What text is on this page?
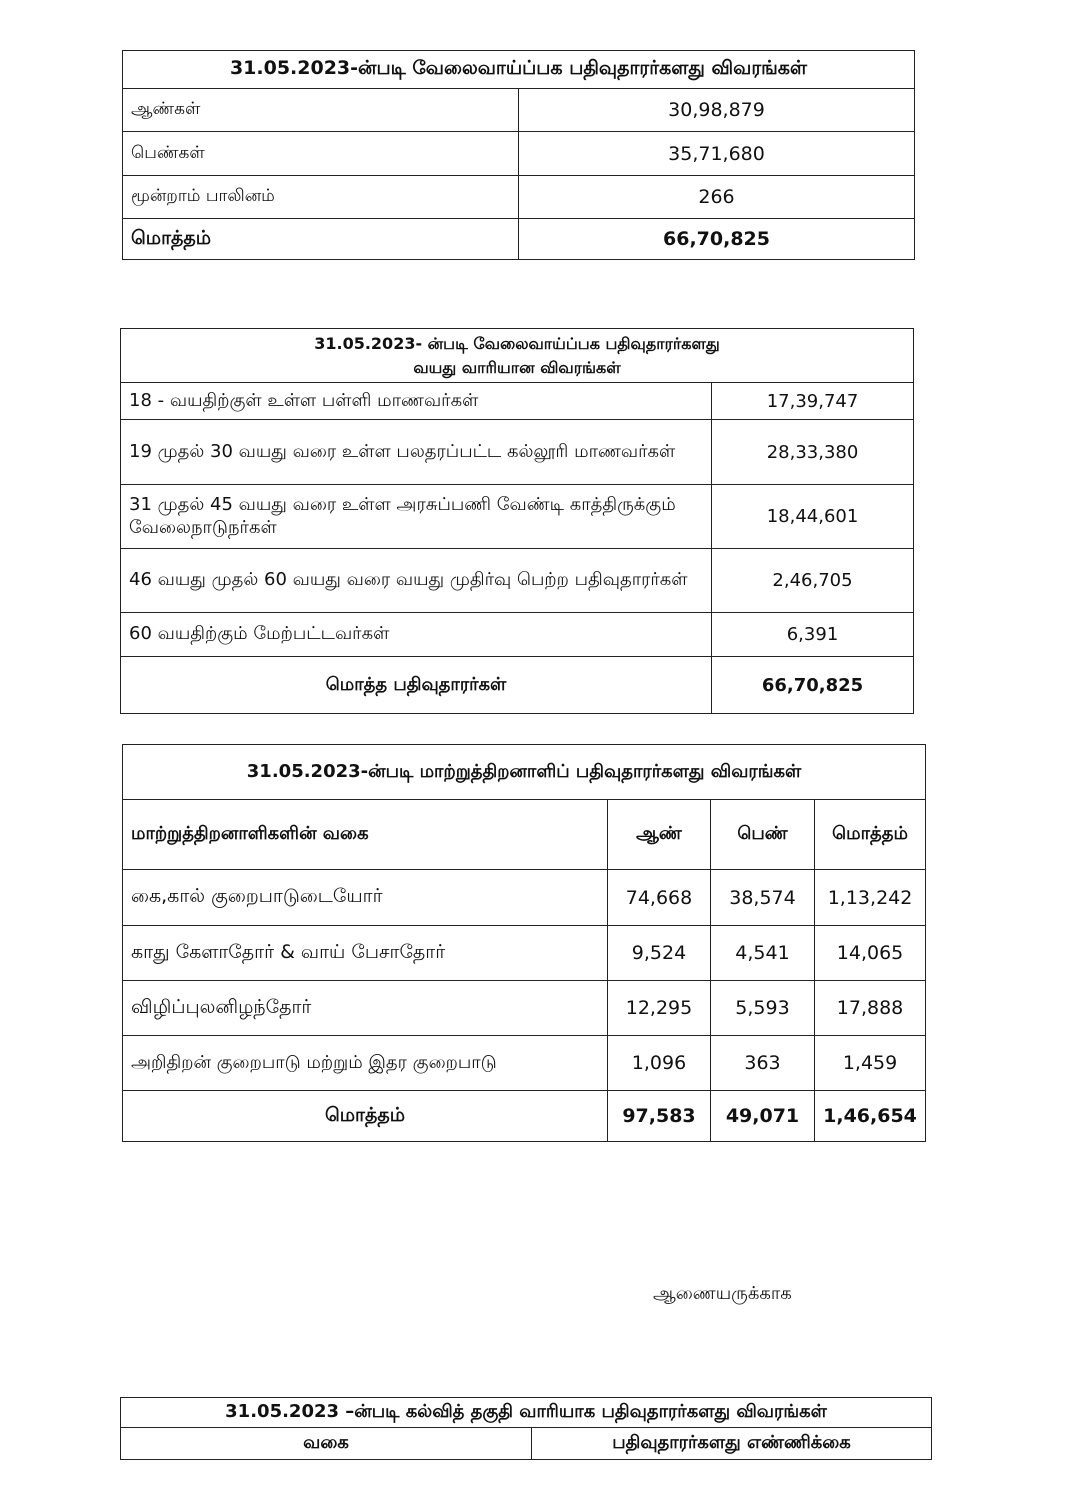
31.05.2023-ன்படி வேலைவாய்ப்பக பதிவுதாரர்களது விவரங்கள்	
ஆண்கள்	30,98,879
பெண்கள்	35,71,680
மூன்றாம் பாலினம்	266
மொத்தம்	66,70,825
31.05.2023- ன்படி வேலைவாய்ப்பக பதிவுதாரர்களது
வயது வாரியான விவரங்கள்	

18 - வயதிற்குள் உள்ள பள்ளி மாணவர்கள்	17,39,747
19 முதல் 30 வயது வரை உள்ள பலதரப்பட்ட கல்லூரி மாணவர்கள்	28,33,380
31 முதல் 45 வயது வரை உள்ள அரசுப்பணி வேண்டி காத்திருக்கும் வேலைநாடுநர்கள்	18,44,601
46 வயது முதல் 60 வயது வரை வயது முதிர்வு பெற்ற பதிவுதாரர்கள்	2,46,705
60 வயதிற்கும் மேற்பட்டவர்கள்	6,391
மொத்த பதிவுதாரர்கள்	66,70,825
31.05.2023-ன்படி மாற்றுத்திறனாளிப் பதிவுதாரர்களது விவரங்கள்			
மாற்றுத்திறனாளிகளின் வகை	ஆண்	பெண்	மொத்தம்
கை,கால் குறைபாடுடையோர்	74,668	38,574	1,13,242
காது கேளாதோர் & வாய் பேசாதோர்	9,524	4,541	14,065
விழிப்புலனிழந்தோர்	12,295	5,593	17,888
அறிதிறன் குறைபாடு மற்றும் இதர குறைபாடு	1,096	363	1,459
மொத்தம்	97,583	49,071	1,46,654
ஆணையருக்காக
31.05.2023 –ன்படி கல்வித் தகுதி வாரியாக பதிவுதாரர்களது விவரங்கள்
வகை	பதிவுதாரர்களது எண்ணிக்கை
